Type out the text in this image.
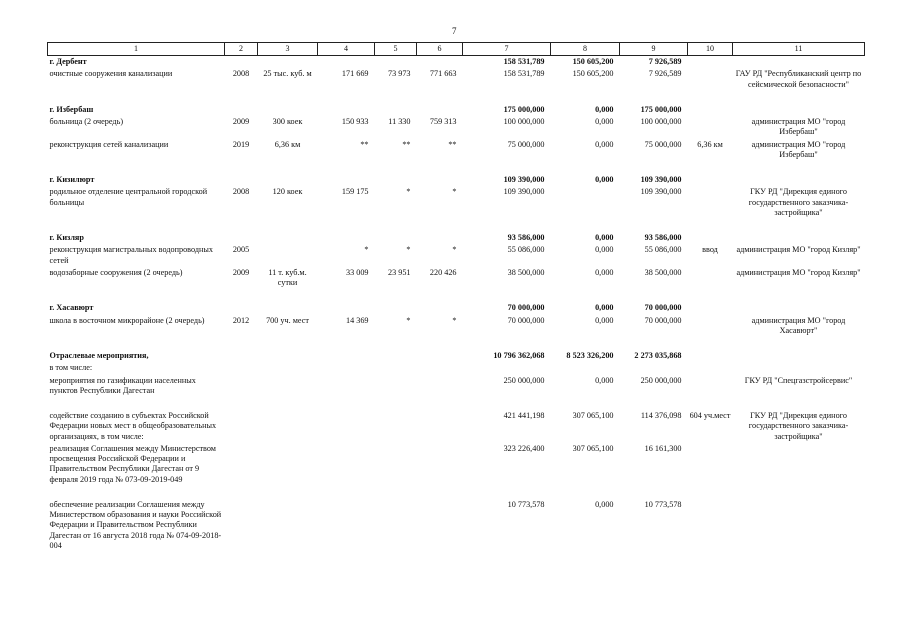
7
1	2	3	4	5	6	7	8	9	10	11
г. Дербент						158 531,789	150 605,200	7 926,589		
очистные сооружения канализации	2008	25 тыс. куб. м	171 669	73 973	771 663	158 531,789	150 605,200	7 926,589		ГАУ РД "Республиканский центр по сейсмической безопасности"

г. Избербаш						175 000,000	0,000	175 000,000		
больница (2 очередь)	2009	300 коек	150 933	11 330	759 313	100 000,000	0,000	100 000,000		администрация МО "город Избербаш"
реконструкция сетей канализации	2019	6,36 км	**	**	**	75 000,000	0,000	75 000,000	6,36 км	администрация МО "город Избербаш"

г. Кизилюрт						109 390,000	0,000	109 390,000		
родильное отделение центральной городской больницы	2008	120 коек	159 175	*	*	109 390,000		109 390,000		ГКУ РД "Дирекция единого государственного заказчика-застройщика"

г. Кизляр						93 586,000	0,000	93 586,000		
реконструкция магистральных водопроводных сетей	2005		*	*	*	55 086,000	0,000	55 086,000	ввод	администрация МО "город Кизляр"
водозаборные сооружения (2 очередь)	2009	11 т. куб.м. сутки	33 009	23 951	220 426	38 500,000	0,000	38 500,000		администрация МО "город Кизляр"

г. Хасавюрт						70 000,000	0,000	70 000,000		
школа в восточном микрорайоне (2 очередь)	2012	700 уч. мест	14 369	*	*	70 000,000	0,000	70 000,000		администрация МО "город Хасавюрт"

Отраслевые мероприятия,						10 796 362,068	8 523 326,200	2 273 035,868		
в том числе:										
мероприятия по газификации населенных пунктов Республики Дагестан						250 000,000	0,000	250 000,000		ГКУ РД "Спецгазстройсервис"

содействие созданию в субъектах Российской Федерации новых мест в общеобразовательных организациях, в том числе:						421 441,198	307 065,100	114 376,098	604 уч.мест	ГКУ РД "Дирекция единого государственного заказчика-застройщика"
реализация Соглашения между Министерством просвещения Российской Федерации и Правительством Республики Дагестан от 9 февраля 2019 года № 073-09-2019-049						323 226,400	307 065,100	16 161,300		

обеспечение реализации Соглашения между Министерством образования и науки Российской Федерации и Правительством Республики Дагестан от 16 августа 2018 года № 074-09-2018-004						10 773,578	0,000	10 773,578		
